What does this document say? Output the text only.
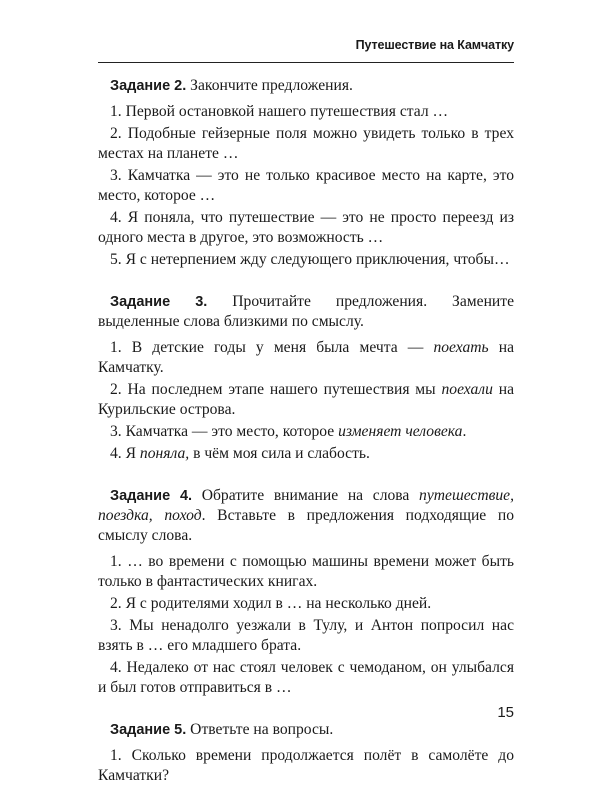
Путешествие на Камчатку

Задание 2. Закончите предложения.

1. Первой остановкой нашего путешествия стал …

2. Подобные гейзерные поля можно увидеть только в трех местах на планете …

3. Камчатка — это не только красивое место на карте, это место, которое …

4. Я поняла, что путешествие — это не просто переезд из одного места в другое, это возможность …

5. Я с нетерпением жду следующего приключения, чтобы…

Задание 3. Прочитайте предложения. Замените выделенные слова близкими по смыслу.

1. В детские годы у меня была мечта — поехать на Камчатку.

2. На последнем этапе нашего путешествия мы поехали на Курильские острова.

3. Камчатка — это место, которое изменяет человека.

4. Я поняла, в чём моя сила и слабость.

Задание 4. Обратите внимание на слова путешествие, поездка, поход. Вставьте в предложения подходящие по смыслу слова.

1. … во времени с помощью машины времени может быть только в фантастических книгах.

2. Я с родителями ходил в … на несколько дней.

3. Мы ненадолго уезжали в Тулу, и Антон попросил нас взять в … его младшего брата.

4. Недалеко от нас стоял человек с чемоданом, он улыбался и был готов отправиться в …

Задание 5. Ответьте на вопросы.

1. Сколько времени продолжается полёт в самолёте до Камчатки?

15
